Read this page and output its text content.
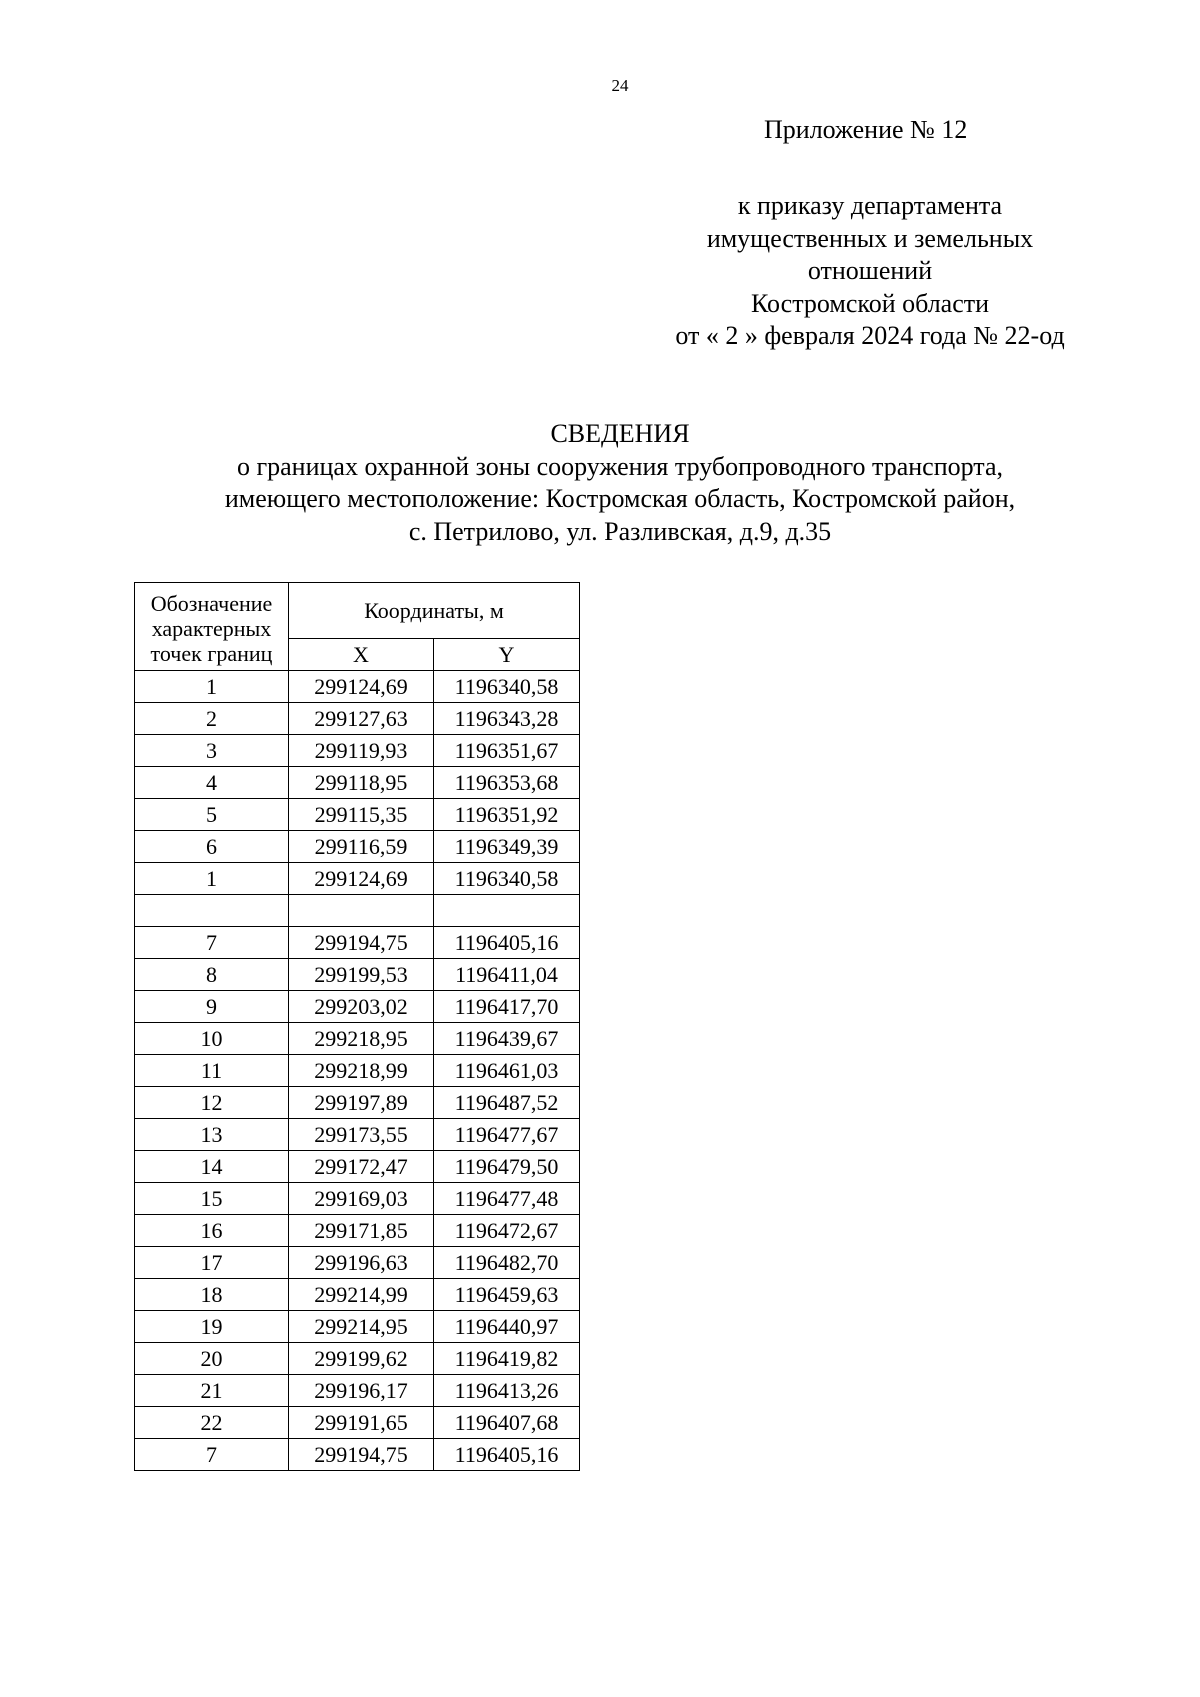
24
Приложение № 12
к приказу департамента
имущественных и земельных
отношений
Костромской области
от « 2 » февраля 2024 года № 22-од
СВЕДЕНИЯ
о границах охранной зоны сооружения трубопроводного транспорта,
имеющего местоположение: Костромская область, Костромской район,
с. Петрилово, ул. Разливская, д.9, д.35
Обозначение характерных точек границ	Координаты, м	
	X	Y
1	299124,69	1196340,58
2	299127,63	1196343,28
3	299119,93	1196351,67
4	299118,95	1196353,68
5	299115,35	1196351,92
6	299116,59	1196349,39
1	299124,69	1196340,58

7	299194,75	1196405,16
8	299199,53	1196411,04
9	299203,02	1196417,70
10	299218,95	1196439,67
11	299218,99	1196461,03
12	299197,89	1196487,52
13	299173,55	1196477,67
14	299172,47	1196479,50
15	299169,03	1196477,48
16	299171,85	1196472,67
17	299196,63	1196482,70
18	299214,99	1196459,63
19	299214,95	1196440,97
20	299199,62	1196419,82
21	299196,17	1196413,26
22	299191,65	1196407,68
7	299194,75	1196405,16
